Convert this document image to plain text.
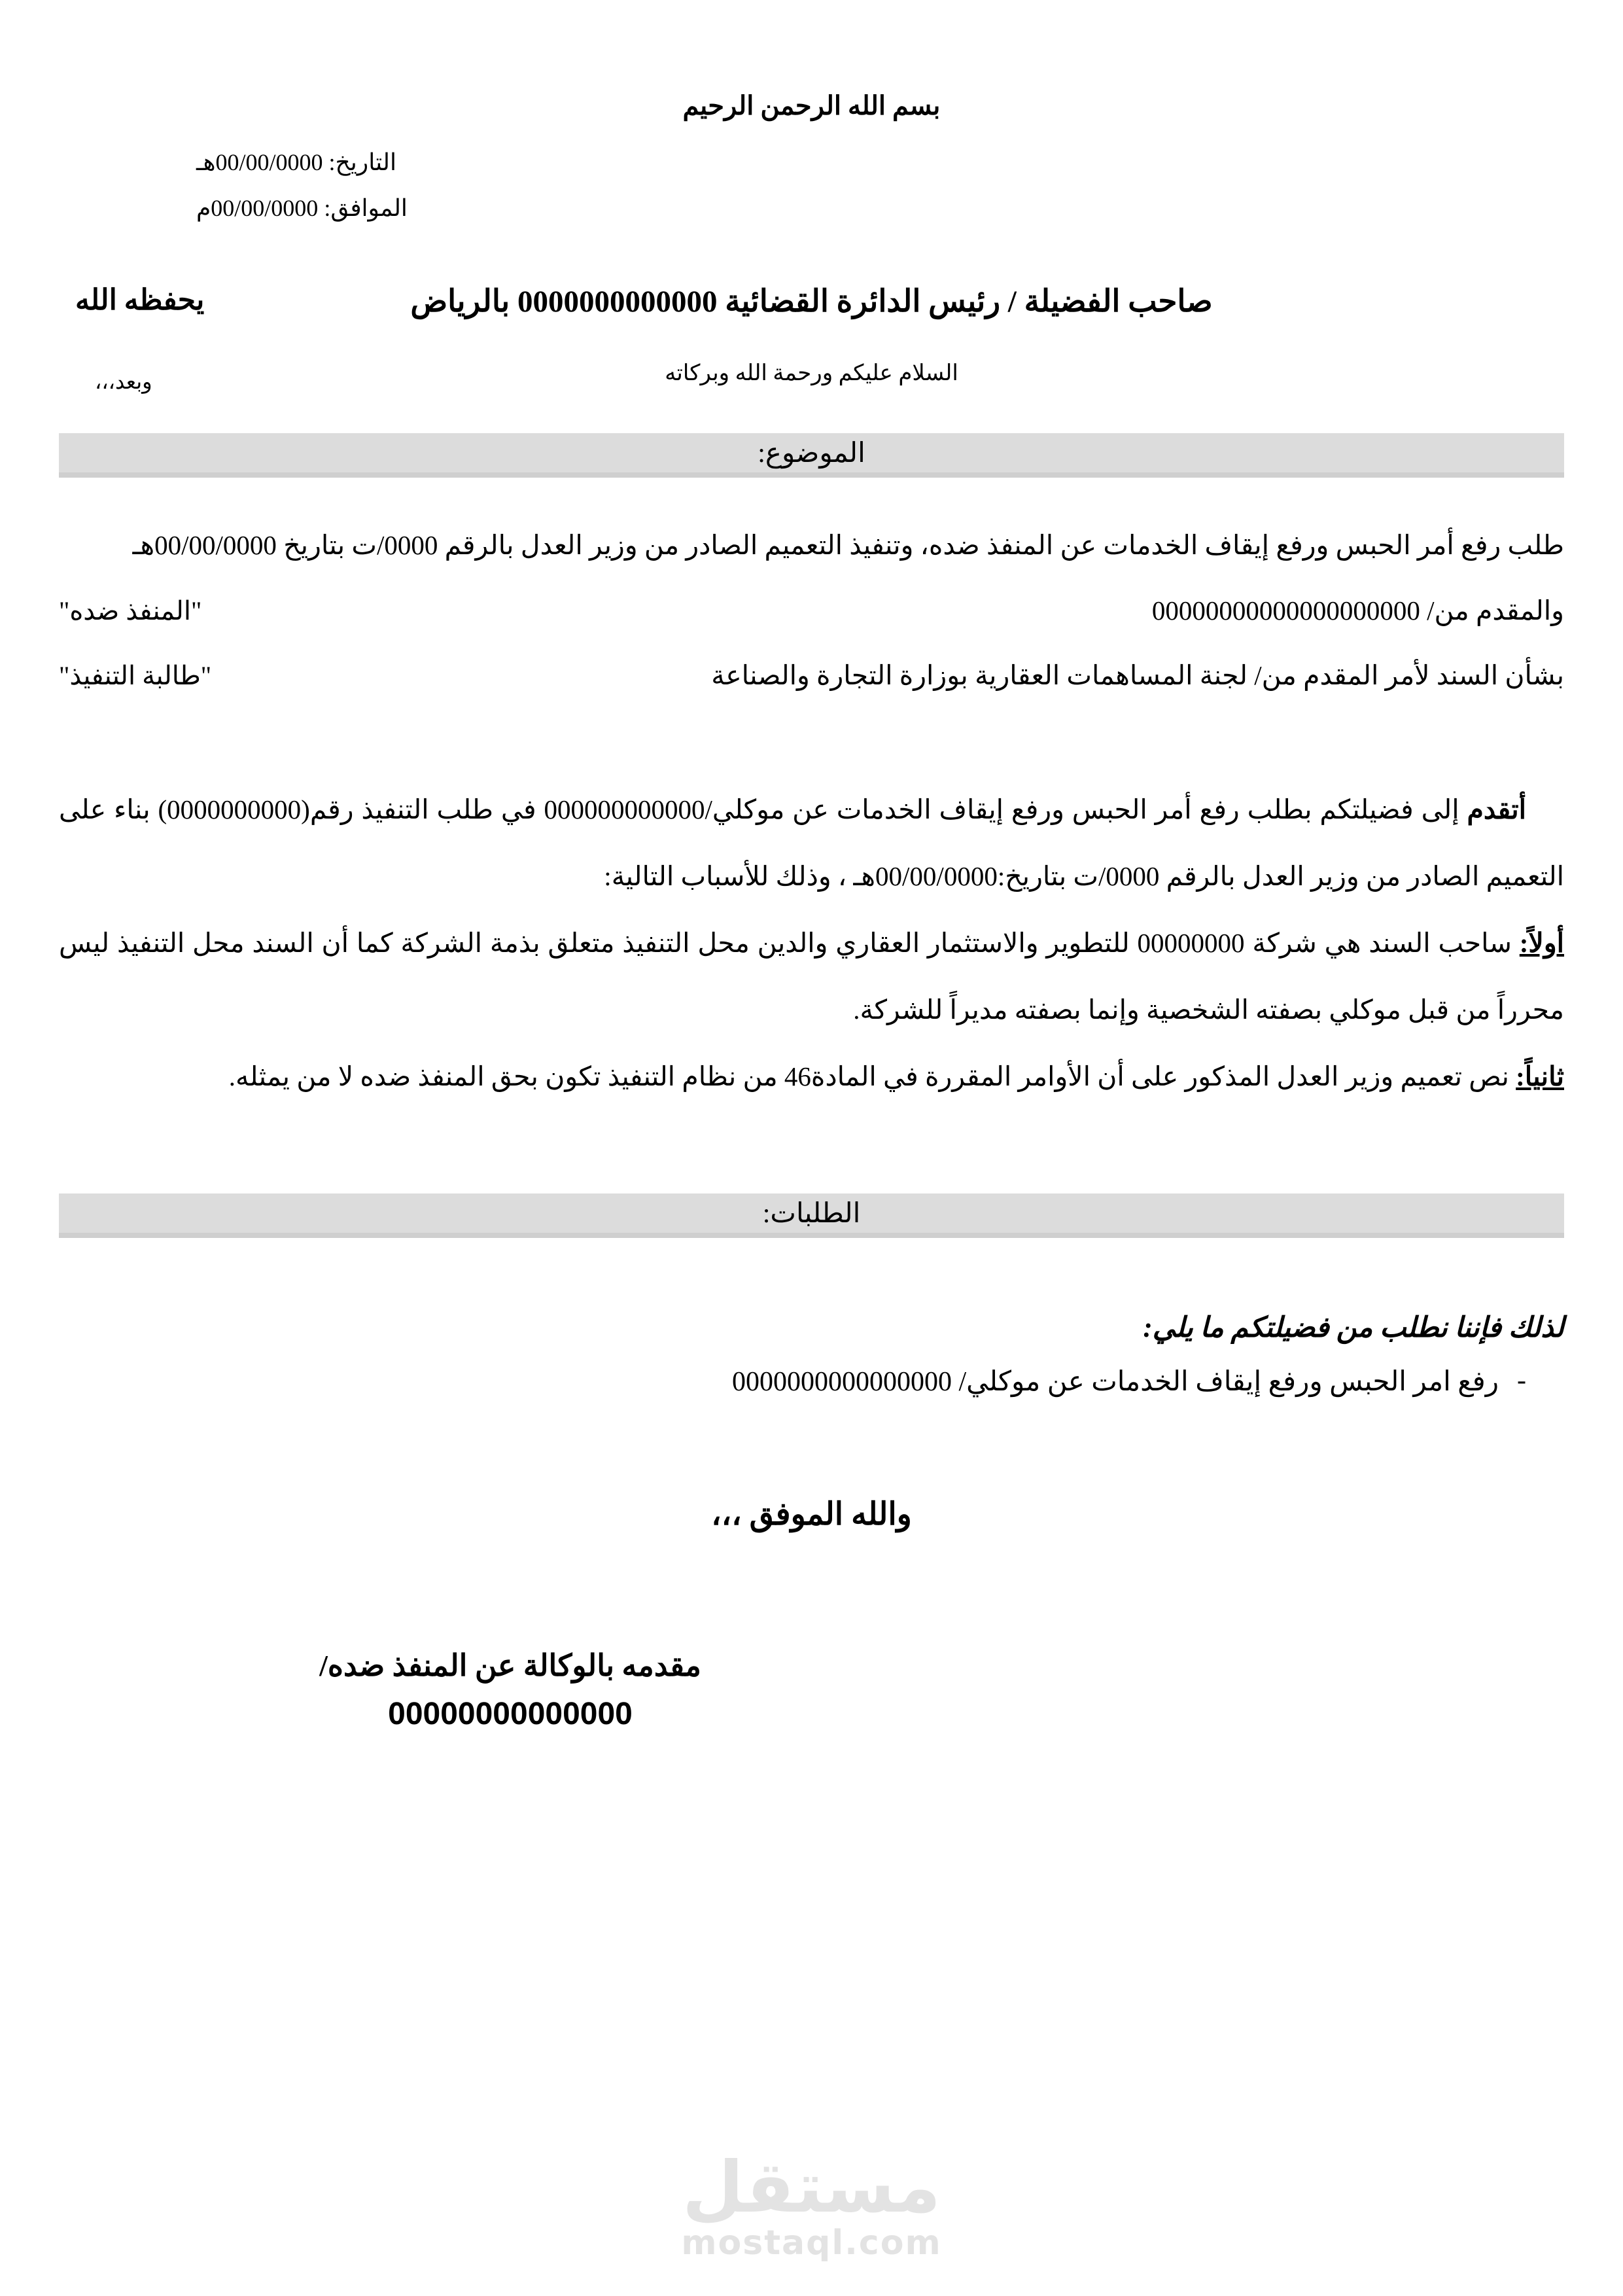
بسم الله الرحمن الرحيم
التاريخ: 00/00/0000هـ
الموافق: 00/00/0000م
صاحب الفضيلة / رئيس الدائرة القضائية 0000000000000 بالرياض
يحفظه الله
السلام عليكم ورحمة الله وبركاته
وبعد،،،
الموضوع:

طلب رفع أمر الحبس ورفع إيقاف الخدمات عن المنفذ ضده، وتنفيذ التعميم الصادر من وزير العدل بالرقم 0000/ت بتاريخ 00/00/0000هـ

والمقدم من/ 00000000000000000000
"المنفذ ضده"
بشأن السند لأمر المقدم من/ لجنة المساهمات العقارية بوزارة التجارة والصناعة
"طالبة التنفيذ"

أتقدم إلى فضيلتكم بطلب رفع أمر الحبس ورفع إيقاف الخدمات عن موكلي/000000000000 في طلب التنفيذ رقم(0000000000) بناء على التعميم الصادر من وزير العدل بالرقم 0000/ت بتاريخ:00/00/0000هـ ، وذلك للأسباب التالية:

أولاً: ساحب السند هي شركة 00000000 للتطوير والاستثمار العقاري والدين محل التنفيذ متعلق بذمة الشركة كما أن السند محل التنفيذ ليس محرراً من قبل موكلي بصفته الشخصية وإنما بصفته مديراً للشركة.

ثانياً: نص تعميم وزير العدل المذكور على أن الأوامر المقررة في المادة46 من نظام التنفيذ تكون بحق المنفذ ضده لا من يمثله.

الطلبات:

لذلك فإننا نطلب من فضيلتكم ما يلي:

-
رفع امر الحبس ورفع إيقاف الخدمات عن موكلي/ 0000000000000000
والله الموفق ،،،
مقدمه بالوكالة عن المنفذ ضده/
00000000000000
مستقل
mostaql.com
